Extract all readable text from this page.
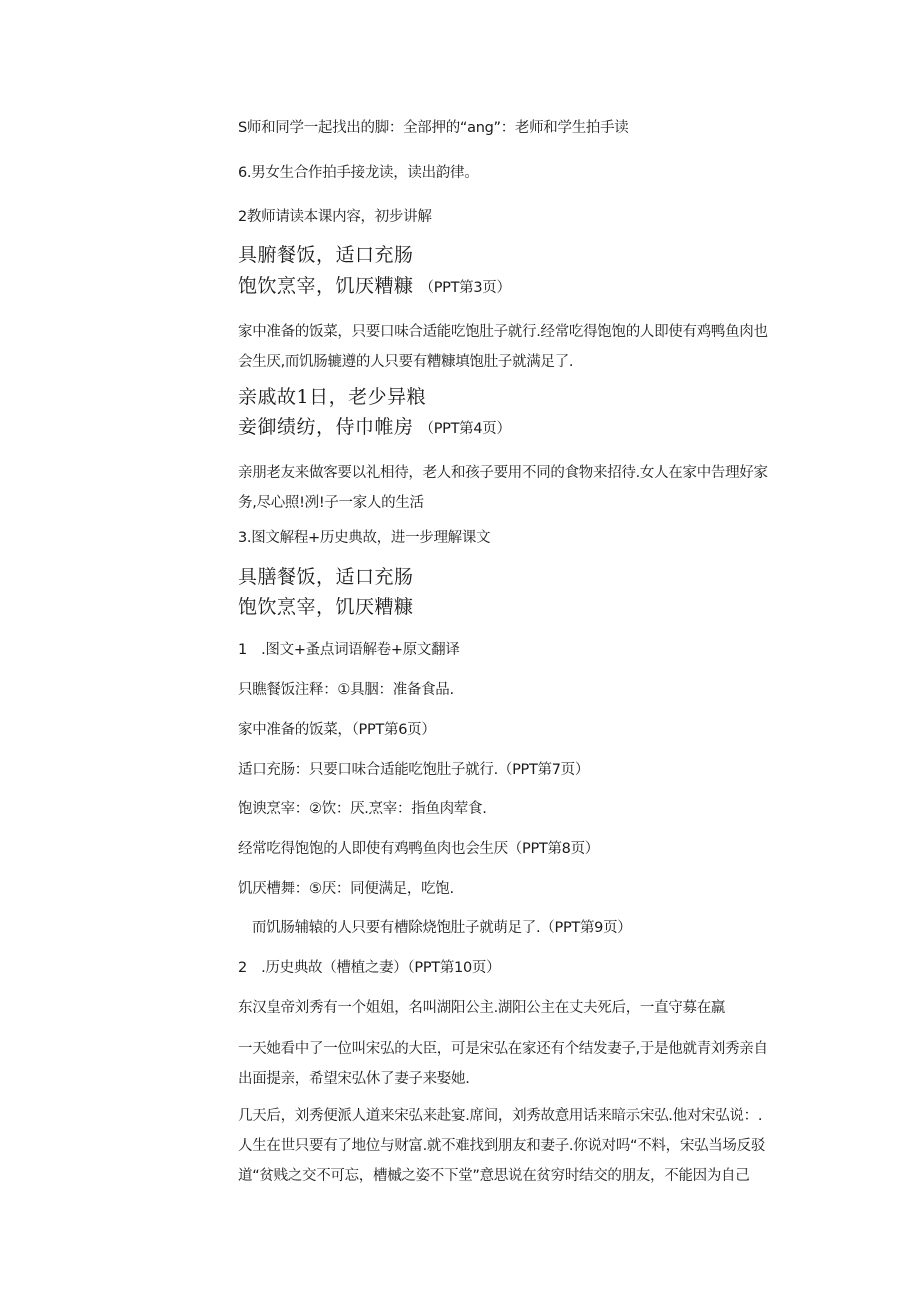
S师和同学一起找出的脚：全部押的“ang”：老师和学生拍手读
6.男女生合作拍手接龙读，读出韵律。
2教师请读本课内容，初步讲解
具腑餐饭，适口充肠
饱饮烹宰，饥厌糟糠 （PPT第3页）
家中准备的饭菜，只要口味合适能吃饱肚子就行.经常吃得饱饱的人即使有鸡鸭鱼肉也
会生厌,而饥肠辘遵的人只要有糟糠填饱肚子就满足了.
亲戚故1日，老少异粮
妾御绩纺，侍巾帷房 （PPT第4页）
亲朋老友来做客要以礼相待，老人和孩子要用不同的食物来招待.女人在家中告理好家
务,尽心照!冽!子一家人的生活
3.图文解程+历史典故，进一步理解课文
具膳餐饭，适口充肠
饱饮烹宰，饥厌糟糠
1　.图文+蚤点词语解卷+原文翻译
只瞧餐饭注释：①具胭：准备食品.
家中准备的饭菜，（PPT第6页）
适口充肠：只要口味合适能吃饱肚子就行.（PPT第7页）
饱谀烹宰：②饮：厌.烹宰：指鱼肉荤食.
经常吃得饱饱的人即使有鸡鸭鱼肉也会生厌（PPT第8页）
饥厌槽舞：⑤厌：同便满足，吃饱.
而饥肠辅辕的人只要有槽除烧饱肚子就萌足了.（PPT第9页）
2　.历史典故（槽植之妻）（PPT第10页）
东汉皇帝刘秀有一个姐姐，名叫湖阳公主.湖阳公主在丈夫死后，一直守募在羸
一天她看中了一位叫宋弘的大臣，可是宋弘在家还有个结发妻子,于是他就青刘秀亲自
出面提亲，希望宋弘休了妻子来娶她.
几天后，刘秀便派人道来宋弘来赴宴.席间，刘秀故意用话来暗示宋弘.他对宋弘说：.
人生在世只要有了地位与财富.就不难找到朋友和妻子.你说对吗“不料，宋弘当场反驳
道“贫贱之交不可忘，槽槭之姿不下堂”意思说在贫穷时结交的朋友，不能因为自己
